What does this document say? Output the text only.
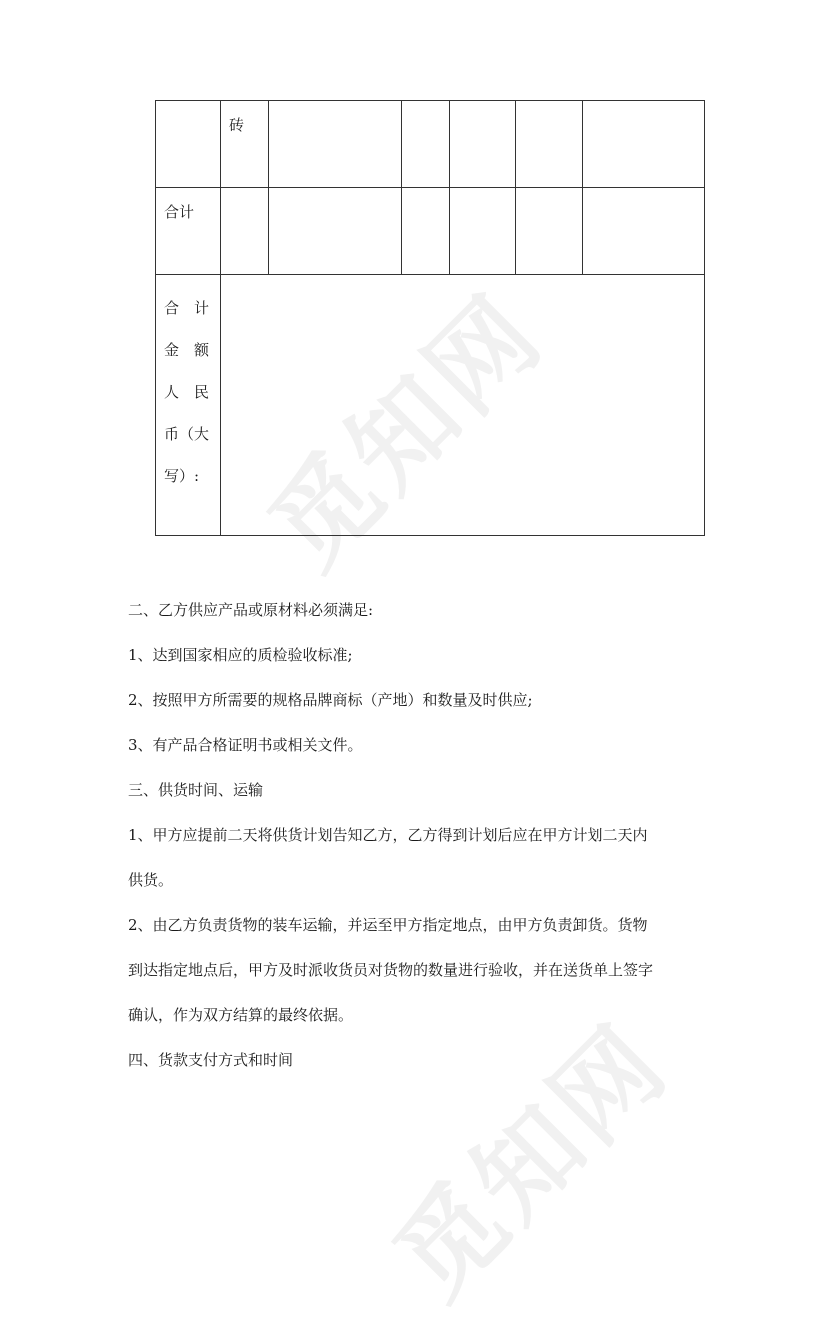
觅知网
觅知网

	砖					

合计						

合　计
金　额
人　民
币（大
写）:						

二、乙方供应产品或原材料必须满足:

1、达到国家相应的质检验收标准;

2、按照甲方所需要的规格品牌商标（产地）和数量及时供应;

3、有产品合格证明书或相关文件。

三、供货时间、运输

1、甲方应提前二天将供货计划告知乙方，乙方得到计划后应在甲方计划二天内

供货。

2、由乙方负责货物的装车运输，并运至甲方指定地点，由甲方负责卸货。货物

到达指定地点后，甲方及时派收货员对货物的数量进行验收，并在送货单上签字

确认，作为双方结算的最终依据。

四、货款支付方式和时间
